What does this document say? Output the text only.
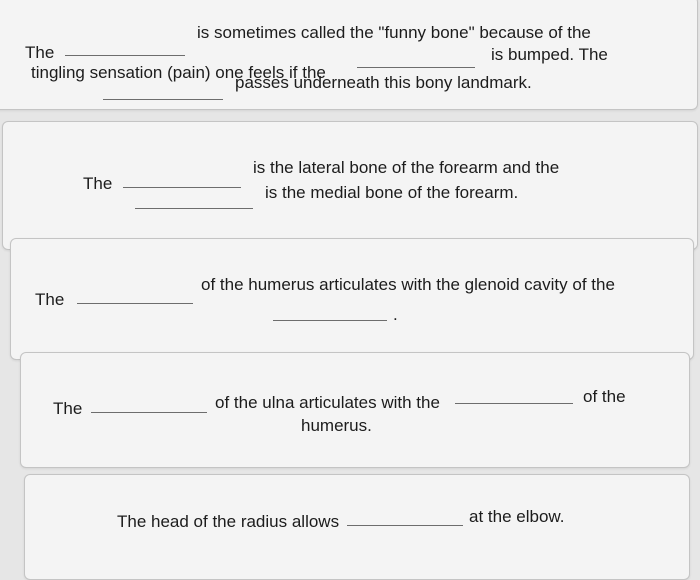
The
is sometimes called the "funny bone" because of the
tingling sensation (pain) one feels if the
is bumped. The
passes underneath this bony landmark.
The
is the lateral bone of the forearm and the
is the medial bone of the forearm.
The
of the humerus articulates with the glenoid cavity of the
.
The	of the ulna articulates with the	of the
humerus.
The head of the radius allows	at the elbow.
